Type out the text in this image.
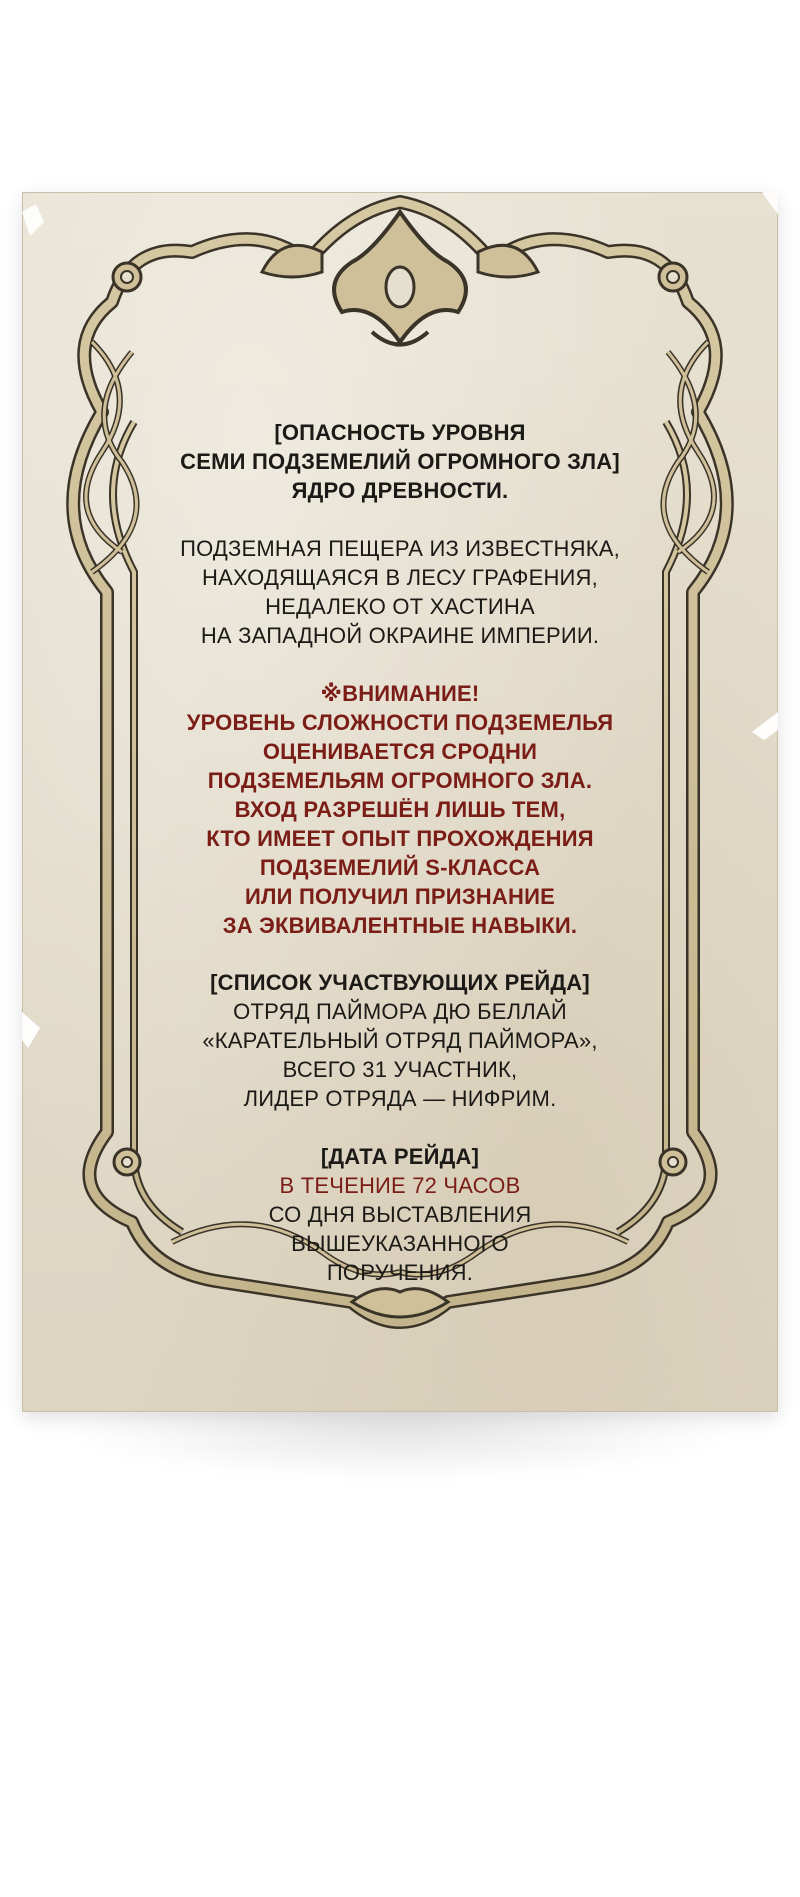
[ОПАСНОСТЬ УРОВНЯ
СЕМИ ПОДЗЕМЕЛИЙ ОГРОМНОГО ЗЛА]
ЯДРО ДРЕВНОСТИ.
ПОДЗЕМНАЯ ПЕЩЕРА ИЗ ИЗВЕСТНЯКА,
НАХОДЯЩАЯСЯ В ЛЕСУ ГРАФЕНИЯ,
НЕДАЛЕКО ОТ ХАСТИНА
НА ЗАПАДНОЙ ОКРАИНЕ ИМПЕРИИ.
※ВНИМАНИЕ!
УРОВЕНЬ СЛОЖНОСТИ ПОДЗЕМЕЛЬЯ
ОЦЕНИВАЕТСЯ СРОДНИ
ПОДЗЕМЕЛЬЯМ ОГРОМНОГО ЗЛА.
ВХОД РАЗРЕШЁН ЛИШЬ ТЕМ,
КТО ИМЕЕТ ОПЫТ ПРОХОЖДЕНИЯ
ПОДЗЕМЕЛИЙ S-КЛАССА
ИЛИ ПОЛУЧИЛ ПРИЗНАНИЕ
ЗА ЭКВИВАЛЕНТНЫЕ НАВЫКИ.
[СПИСОК УЧАСТВУЮЩИХ РЕЙДА]
ОТРЯД ПАЙМОРА ДЮ БЕЛЛАЙ
«КАРАТЕЛЬНЫЙ ОТРЯД ПАЙМОРА»,
ВСЕГО 31 УЧАСТНИК,
ЛИДЕР ОТРЯДА — НИФРИМ.
[ДАТА РЕЙДА]
В ТЕЧЕНИЕ 72 ЧАСОВ
СО ДНЯ ВЫСТАВЛЕНИЯ
ВЫШЕУКАЗАННОГО
ПОРУЧЕНИЯ.
